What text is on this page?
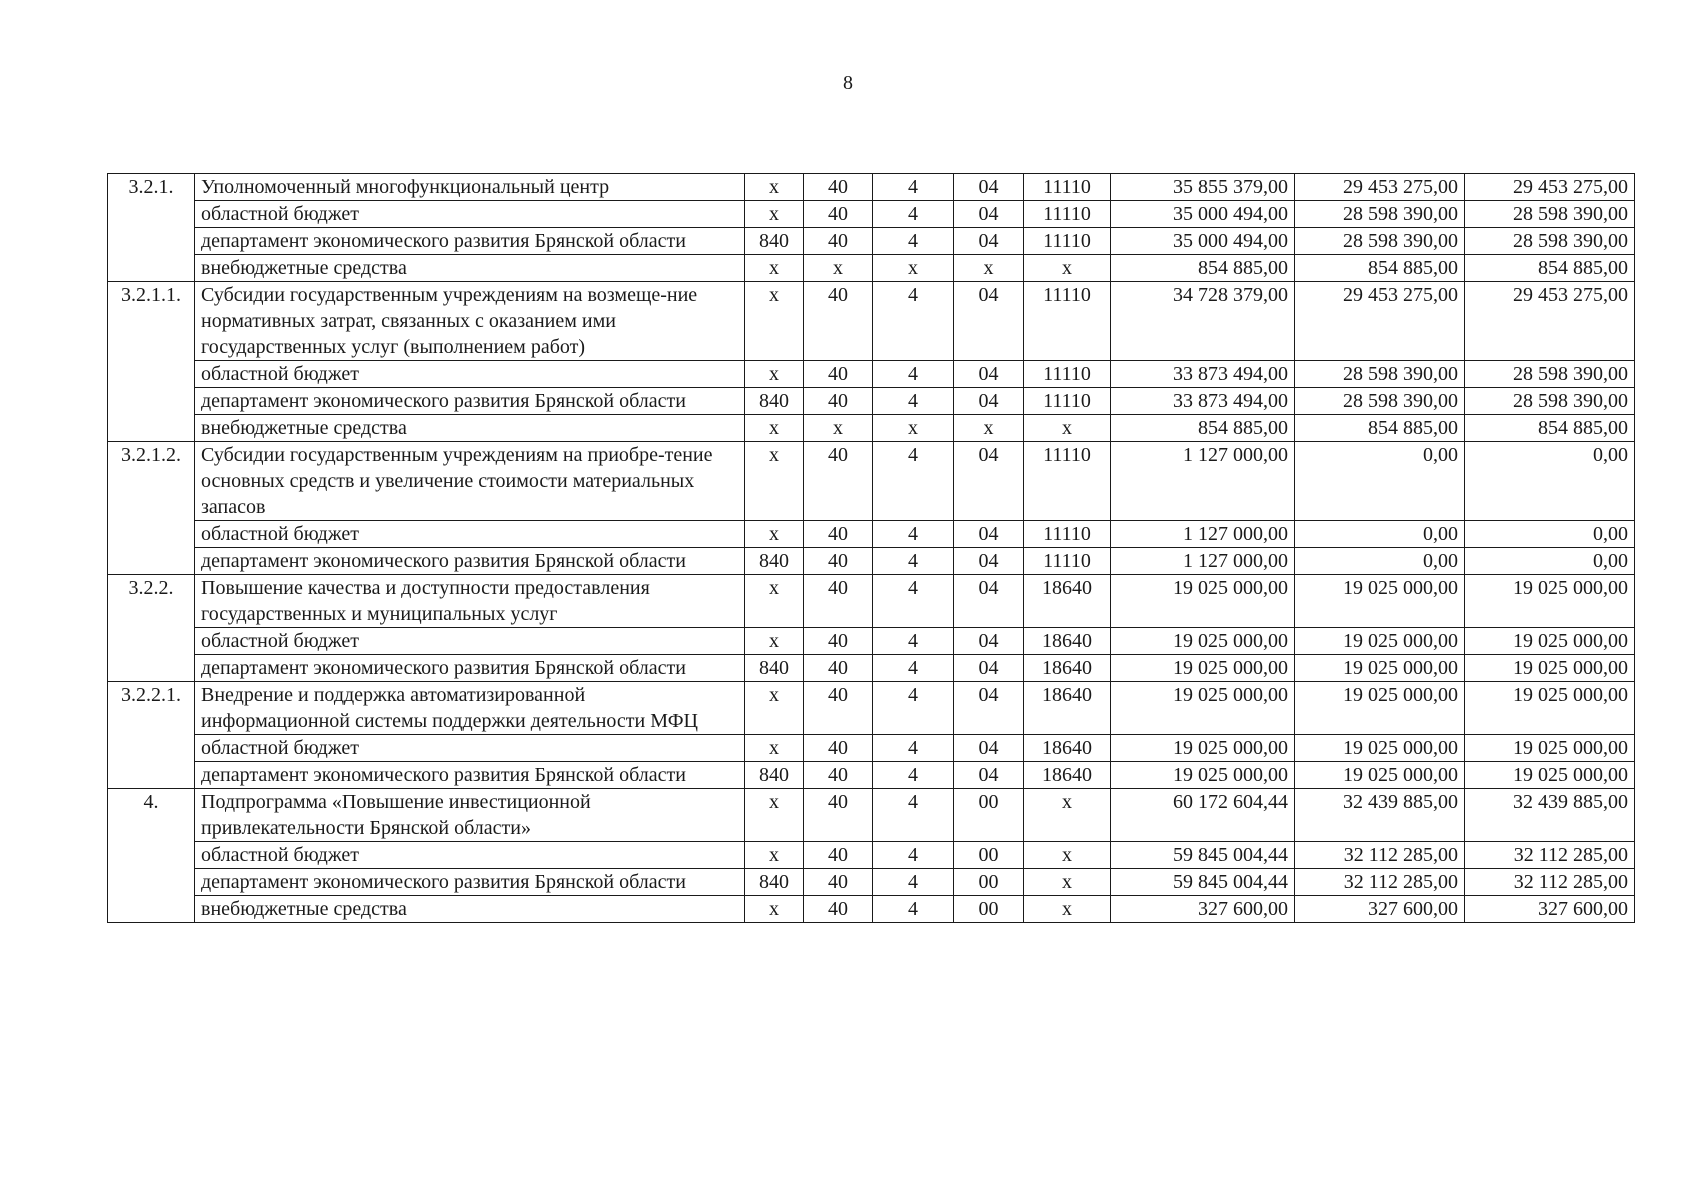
8
3.2.1.	Уполномоченный многофункциональный центр	х	40	4	04	11110	35 855 379,00	29 453 275,00	29 453 275,00
	областной бюджет	х	40	4	04	11110	35 000 494,00	28 598 390,00	28 598 390,00
	департамент экономического развития Брянской области	840	40	4	04	11110	35 000 494,00	28 598 390,00	28 598 390,00
	внебюджетные средства	х	х	х	х	х	854 885,00	854 885,00	854 885,00
3.2.1.1.	Субсидии государственным учреждениям на возмеще-ние нормативных затрат, связанных с оказанием ими государственных услуг (выполнением работ)	х	40	4	04	11110	34 728 379,00	29 453 275,00	29 453 275,00
	областной бюджет	х	40	4	04	11110	33 873 494,00	28 598 390,00	28 598 390,00
	департамент экономического развития Брянской области	840	40	4	04	11110	33 873 494,00	28 598 390,00	28 598 390,00
	внебюджетные средства	х	х	х	х	х	854 885,00	854 885,00	854 885,00
3.2.1.2.	Субсидии государственным учреждениям на приобре-тение основных средств и увеличение стоимости материальных запасов	х	40	4	04	11110	1 127 000,00	0,00	0,00
	областной бюджет	х	40	4	04	11110	1 127 000,00	0,00	0,00
	департамент экономического развития Брянской области	840	40	4	04	11110	1 127 000,00	0,00	0,00
3.2.2.	Повышение качества и доступности предоставления государственных и муниципальных услуг	х	40	4	04	18640	19 025 000,00	19 025 000,00	19 025 000,00
	областной бюджет	х	40	4	04	18640	19 025 000,00	19 025 000,00	19 025 000,00
	департамент экономического развития Брянской области	840	40	4	04	18640	19 025 000,00	19 025 000,00	19 025 000,00
3.2.2.1.	Внедрение и поддержка автоматизированной информационной системы поддержки деятельности МФЦ	х	40	4	04	18640	19 025 000,00	19 025 000,00	19 025 000,00
	областной бюджет	х	40	4	04	18640	19 025 000,00	19 025 000,00	19 025 000,00
	департамент экономического развития Брянской области	840	40	4	04	18640	19 025 000,00	19 025 000,00	19 025 000,00
4.	Подпрограмма «Повышение инвестиционной привлекательности Брянской области»	х	40	4	00	х	60 172 604,44	32 439 885,00	32 439 885,00
	областной бюджет	х	40	4	00	х	59 845 004,44	32 112 285,00	32 112 285,00
	департамент экономического развития Брянской области	840	40	4	00	х	59 845 004,44	32 112 285,00	32 112 285,00
	внебюджетные средства	х	40	4	00	х	327 600,00	327 600,00	327 600,00
